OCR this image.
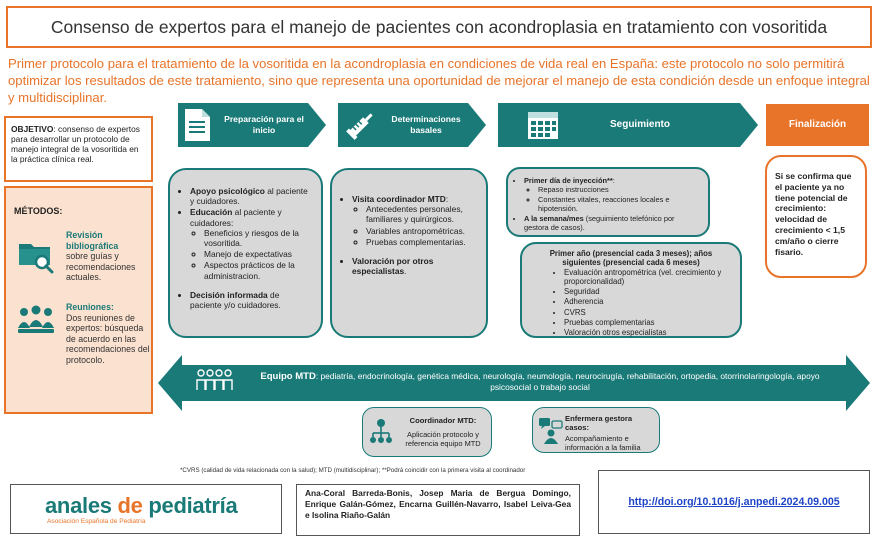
Consenso de expertos para el manejo de pacientes con acondroplasia en tratamiento con vosoritida
Primer protocolo para el tratamiento de la vosoritida en la acondroplasia en condiciones de vida real en España: este protocolo no solo permitirá optimizar los resultados de este tratamiento, sino que representa una oportunidad de mejorar el manejo de esta condición desde un enfoque integral y multidisciplinar.
OBJETIVO: consenso de expertos para desarrollar un protocolo de manejo integral de la vosoritida en la práctica clínica real.
MÉTODOS:
Revisión bibliográfica
sobre guías y recomendaciones actuales.
Reuniones:
Dos reuniones de expertos: búsqueda de acuerdo en las recomendaciones del protocolo.
Preparación para el inicio
Determinaciones basales	Seguimiento	Finalización
• Apoyo psicológico al paciente y cuidadores.
• Educación al paciente y cuidadores:
◦ Beneficios y riesgos de la vosoritida.
◦ Manejo de expectativas
◦ Aspectos prácticos de la administracion.
• Decisión informada de paciente y/o cuidadores.
• Visita coordinador MTD:
◦ Antecedentes personales, familiares y quirúrgicos.
◦ Variables antropométricas.
◦ Pruebas complementarias.
• Valoración por otros especialistas.
• Primer día de inyección**:
◦ Repaso instrucciones
◦ Constantes vitales, reacciones locales e hipotensión.
• A la semana/mes (seguimiento telefónico por gestora de casos).
Primer año (presencial cada 3 meses); años siguientes (presencial cada 6 meses)
• Evaluación antropométrica (vel. crecimiento y proporcionalidad)
• Seguridad
• Adherencia
• CVRS
• Pruebas complementarias
• Valoración otros especialistas
Si se confirma que el paciente ya no tiene potencial de crecimiento: velocidad de crecimiento < 1,5 cm/año o cierre fisario.
Equipo MTD: pediatría, endocrinología, genética médica, neurología, neumología, neurocirugía, rehabilitación, ortopedia, otorrinolaringología, apoyo psicosocial o trabajo social
Coordinador MTD:
Aplicación protocolo y referencia equipo MTD
Enfermera gestora casos:
Acompañamiento e información a la familia
*CVRS (calidad de vida relacionada con la salud); MTD (multidisciplinar); **Podrá coincidir con la primera visita al coordinador
anales de pediatría
Asociación Española de Pediatría
Ana-Coral Barreda-Bonis, Josep Maria de Bergua Domingo, Enrique Galán-Gómez, Encarna Guillén-Navarro, Isabel Leiva-Gea e Isolina Riaño-Galán
http://doi.org/10.1016/j.anpedi.2024.09.005
